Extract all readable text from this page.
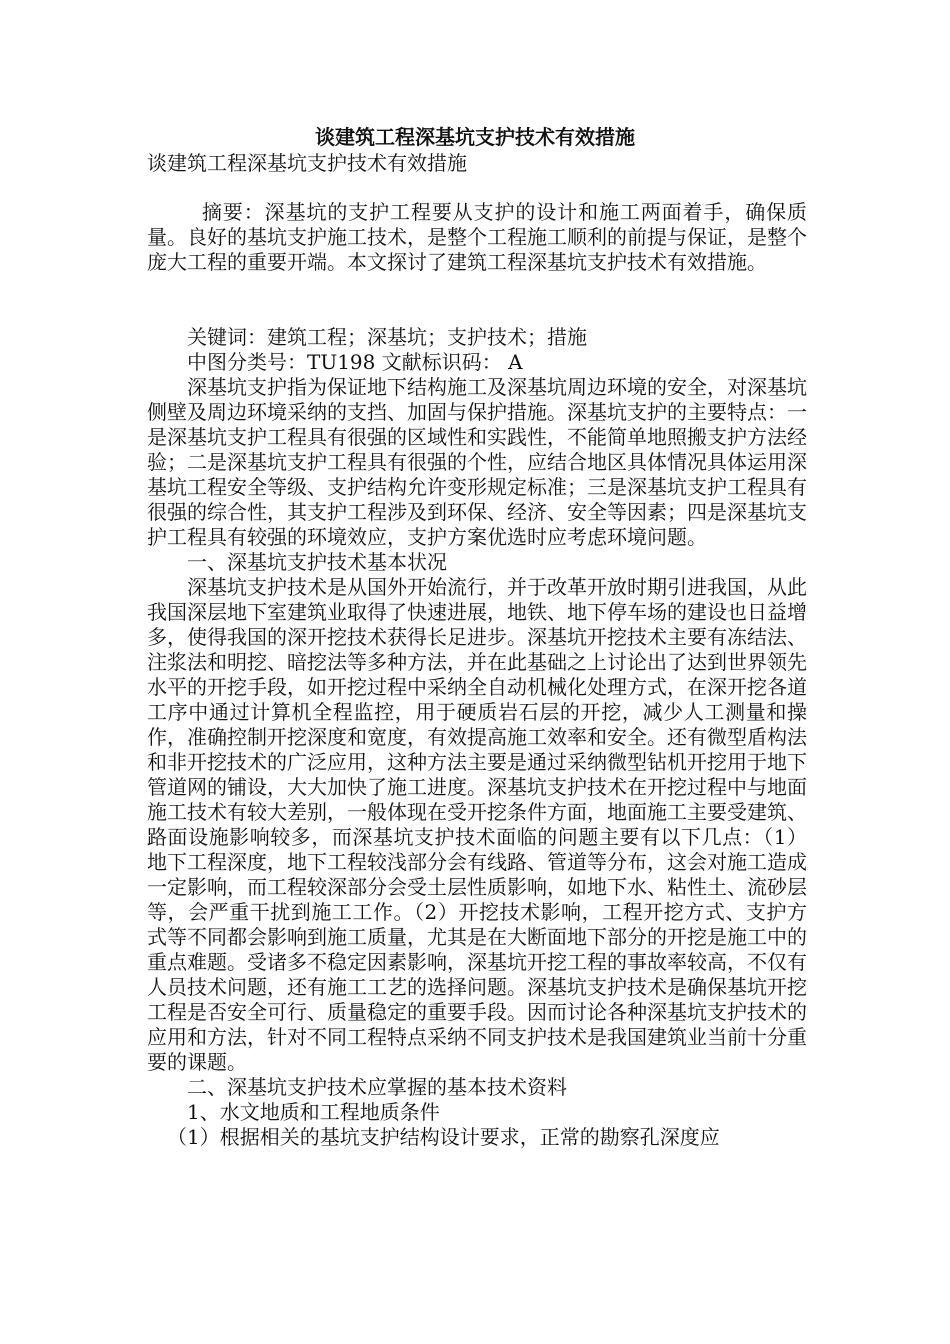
谈建筑工程深基坑支护技术有效措施
谈建筑工程深基坑支护技术有效措施

摘要：深基坑的支护工程要从支护的设计和施工两面着手，确保质量。良好的基坑支护施工技术，是整个工程施工顺利的前提与保证，是整个庞大工程的重要开端。本文探讨了建筑工程深基坑支护技术有效措施。

关键词：建筑工程；深基坑；支护技术；措施

中图分类号：TU198 文献标识码： A

深基坑支护指为保证地下结构施工及深基坑周边环境的安全，对深基坑侧壁及周边环境采纳的支挡、加固与保护措施。深基坑支护的主要特点：一是深基坑支护工程具有很强的区域性和实践性，不能简单地照搬支护方法经验；二是深基坑支护工程具有很强的个性，应结合地区具体情况具体运用深基坑工程安全等级、支护结构允许变形规定标准；三是深基坑支护工程具有很强的综合性，其支护工程涉及到环保、经济、安全等因素；四是深基坑支护工程具有较强的环境效应，支护方案优选时应考虑环境问题。

一、深基坑支护技术基本状况

深基坑支护技术是从国外开始流行，并于改革开放时期引进我国，从此我国深层地下室建筑业取得了快速进展，地铁、地下停车场的建设也日益增多，使得我国的深开挖技术获得长足进步。深基坑开挖技术主要有冻结法、注浆法和明挖、暗挖法等多种方法，并在此基础之上讨论出了达到世界领先水平的开挖手段，如开挖过程中采纳全自动机械化处理方式，在深开挖各道工序中通过计算机全程监控，用于硬质岩石层的开挖，减少人工测量和操作，准确控制开挖深度和宽度，有效提高施工效率和安全。还有微型盾构法和非开挖技术的广泛应用，这种方法主要是通过采纳微型钻机开挖用于地下管道网的铺设，大大加快了施工进度。深基坑支护技术在开挖过程中与地面施工技术有较大差别，一般体现在受开挖条件方面，地面施工主要受建筑、路面设施影响较多，而深基坑支护技术面临的问题主要有以下几点：（1）地下工程深度，地下工程较浅部分会有线路、管道等分布，这会对施工造成一定影响，而工程较深部分会受土层性质影响，如地下水、粘性土、流砂层等，会严重干扰到施工工作。（2）开挖技术影响，工程开挖方式、支护方式等不同都会影响到施工质量，尤其是在大断面地下部分的开挖是施工中的重点难题。受诸多不稳定因素影响，深基坑开挖工程的事故率较高，不仅有人员技术问题，还有施工工艺的选择问题。深基坑支护技术是确保基坑开挖工程是否安全可行、质量稳定的重要手段。因而讨论各种深基坑支护技术的应用和方法，针对不同工程特点采纳不同支护技术是我国建筑业当前十分重要的课题。

二、深基坑支护技术应掌握的基本技术资料

1、水文地质和工程地质条件

（1）根据相关的基坑支护结构设计要求，正常的勘察孔深度应
